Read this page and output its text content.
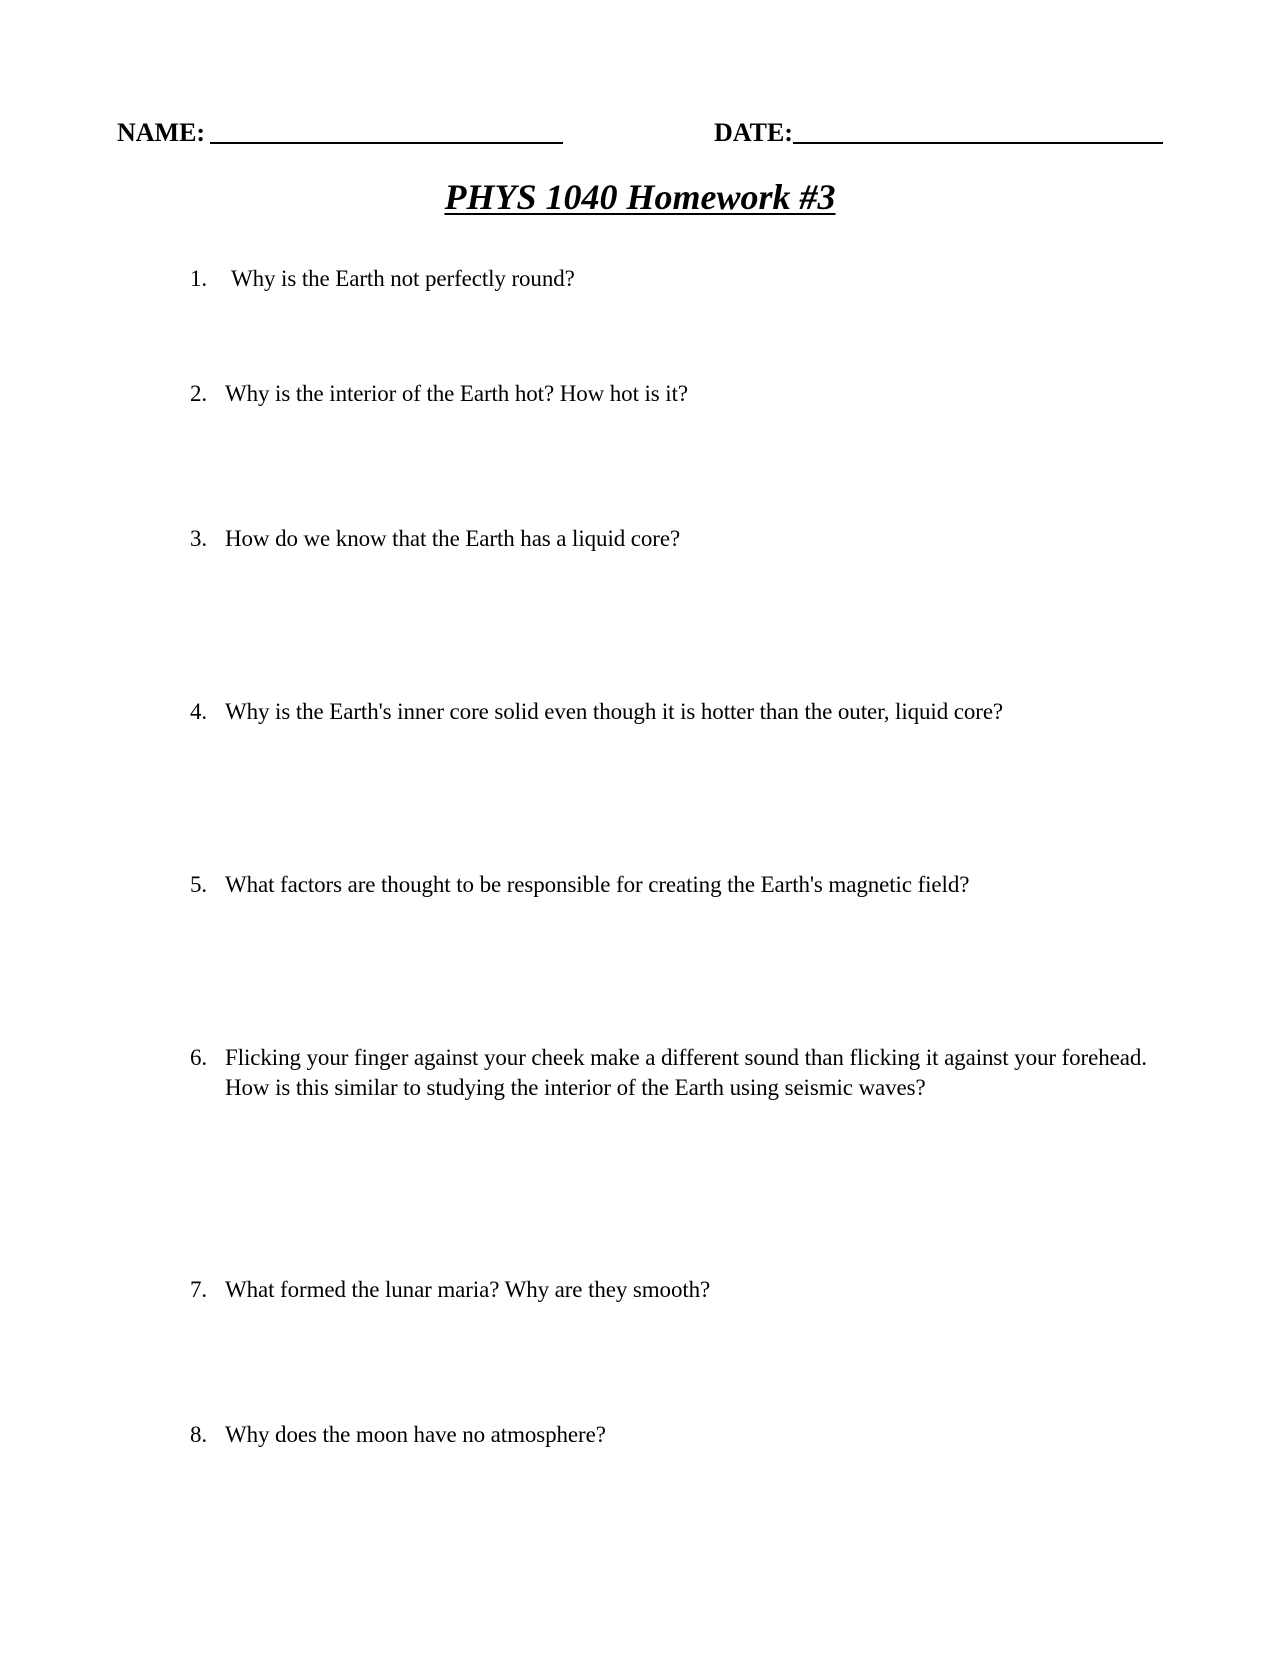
NAME:	DATE:
PHYS 1040 Homework #3
1.	Why is the Earth not perfectly round?
2. Why is the interior of the Earth hot? How hot is it?
3. How do we know that the Earth has a liquid core?
4. Why is the Earth's inner core solid even though it is hotter than the outer, liquid core?
5. What factors are thought to be responsible for creating the Earth's magnetic field?
6. Flicking your finger against your cheek make a different sound than flicking it against your forehead. How is this similar to studying the interior of the Earth using seismic waves?
7. What formed the lunar maria? Why are they smooth?
8. Why does the moon have no atmosphere?
